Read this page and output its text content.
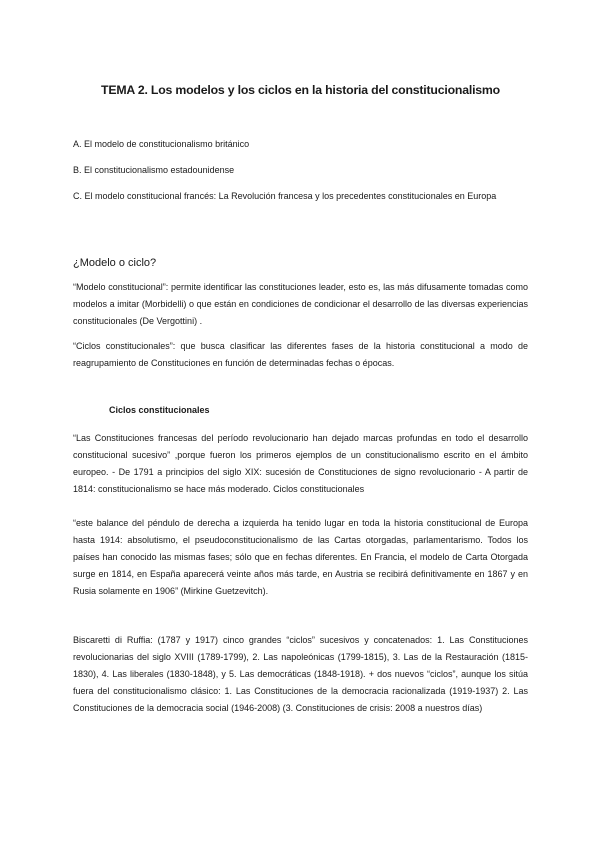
TEMA 2. Los modelos y los ciclos en la historia del constitucionalismo

A. El modelo de constitucionalismo británico

B. El constitucionalismo estadounidense

C. El modelo constitucional francés: La Revolución francesa y los precedentes constitucionales en Europa

¿Modelo o ciclo?

“Modelo constitucional”: permite identificar las constituciones leader, esto es, las más difusamente tomadas como modelos a imitar (Morbidelli) o que están en condiciones de condicionar el desarrollo de las diversas experiencias constitucionales (De Vergottini) .

“Ciclos constitucionales”: que busca clasificar las diferentes fases de la historia constitucional a modo de reagrupamiento de Constituciones en función de determinadas fechas o épocas.

Ciclos constitucionales

“Las Constituciones francesas del período revolucionario han dejado marcas profundas en todo el desarrollo constitucional sucesivo” ,porque fueron los primeros ejemplos de un constitucionalismo escrito en el ámbito europeo. - De 1791 a principios del siglo XIX: sucesión de Constituciones de signo revolucionario - A partir de 1814: constitucionalismo se hace más moderado. Ciclos constitucionales

“este balance del péndulo de derecha a izquierda ha tenido lugar en toda la historia constitucional de Europa hasta 1914: absolutismo, el pseudoconstitucionalismo de las Cartas otorgadas, parlamentarismo. Todos los países han conocido las mismas fases; sólo que en fechas diferentes. En Francia, el modelo de Carta Otorgada surge en 1814, en España aparecerá veinte años más tarde, en Austria se recibirá definitivamente en 1867 y en Rusia solamente en 1906” (Mirkine Guetzevitch).

Biscaretti di Ruffia: (1787 y 1917) cinco grandes “ciclos” sucesivos y concatenados: 1. Las Constituciones revolucionarias del siglo XVIII (1789-1799), 2. Las napoleónicas (1799-1815), 3. Las de la Restauración (1815-1830), 4. Las liberales (1830-1848), y 5. Las democráticas (1848-1918). + dos nuevos “ciclos”, aunque los sitúa fuera del constitucionalismo clásico: 1. Las Constituciones de la democracia racionalizada (1919-1937) 2. Las Constituciones de la democracia social (1946-2008) (3. Constituciones de crisis: 2008 a nuestros días)
